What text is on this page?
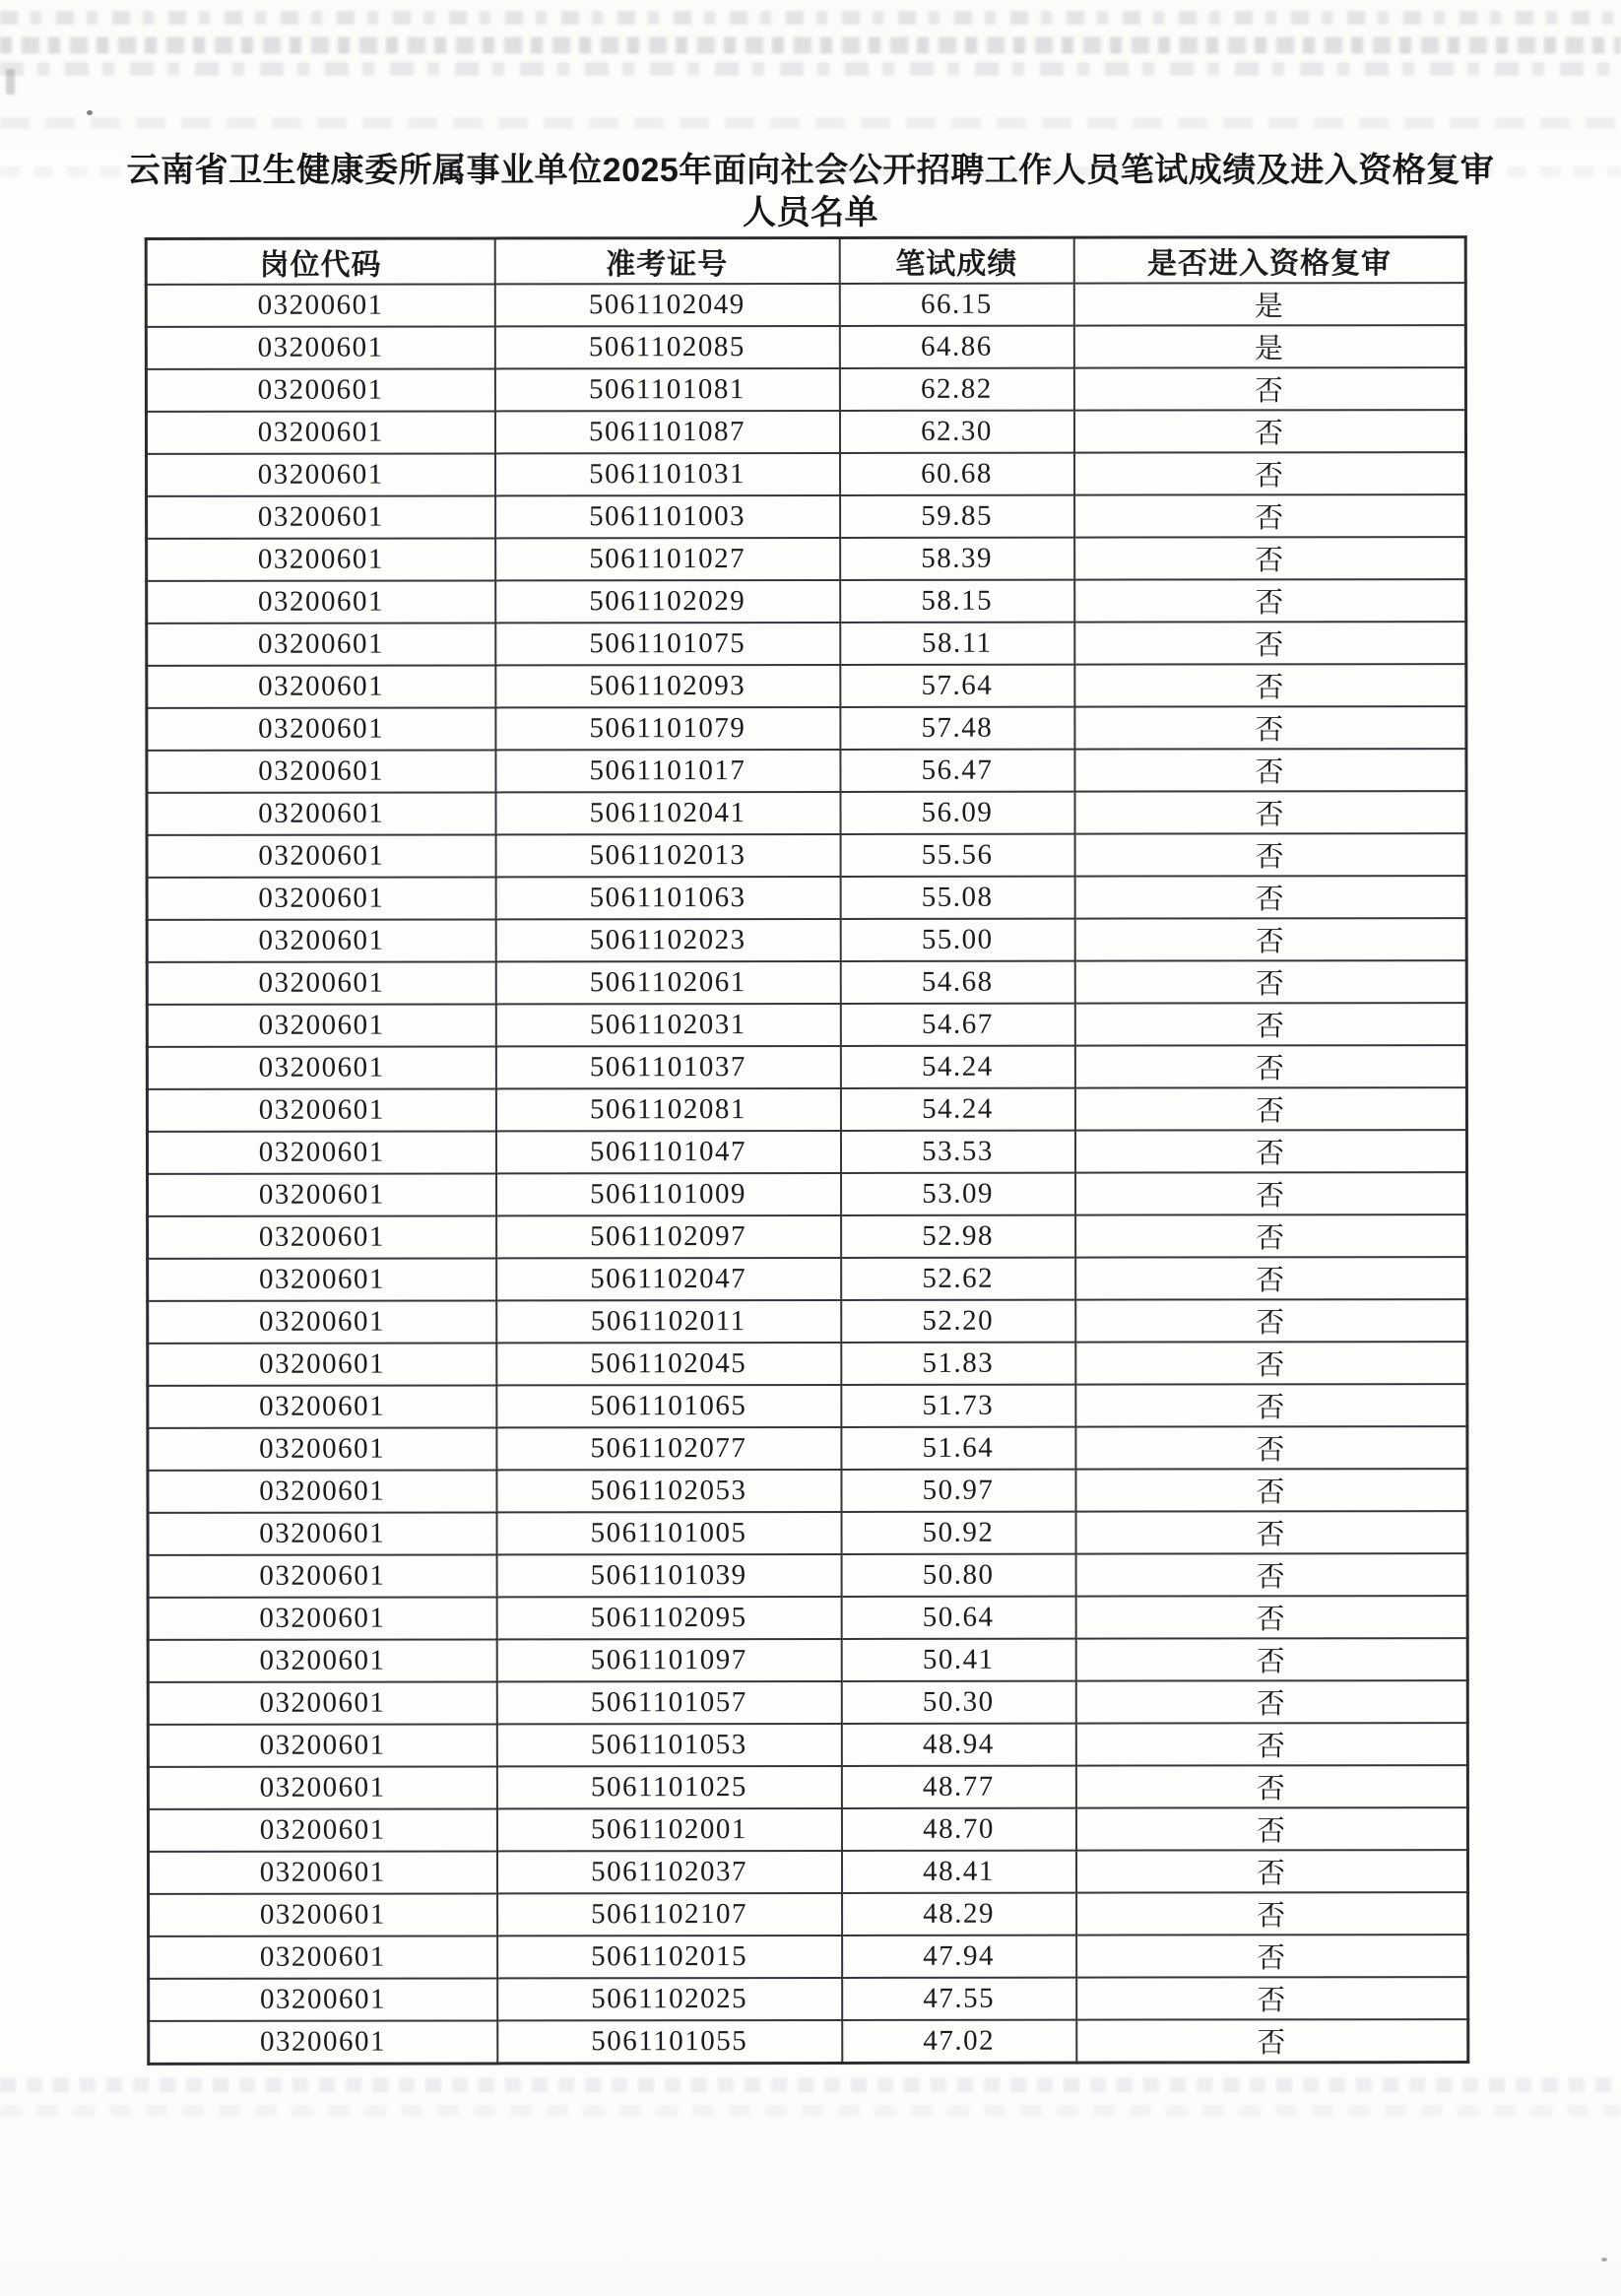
云南省卫生健康委所属事业单位2025年面向社会公开招聘工作人员笔试成绩及进入资格复审
人员名单
岗位代码	准考证号	笔试成绩	是否进入资格复审
03200601	5061102049	66.15	是
03200601	5061102085	64.86	是
03200601	5061101081	62.82	否
03200601	5061101087	62.30	否
03200601	5061101031	60.68	否
03200601	5061101003	59.85	否
03200601	5061101027	58.39	否
03200601	5061102029	58.15	否
03200601	5061101075	58.11	否
03200601	5061102093	57.64	否
03200601	5061101079	57.48	否
03200601	5061101017	56.47	否
03200601	5061102041	56.09	否
03200601	5061102013	55.56	否
03200601	5061101063	55.08	否
03200601	5061102023	55.00	否
03200601	5061102061	54.68	否
03200601	5061102031	54.67	否
03200601	5061101037	54.24	否
03200601	5061102081	54.24	否
03200601	5061101047	53.53	否
03200601	5061101009	53.09	否
03200601	5061102097	52.98	否
03200601	5061102047	52.62	否
03200601	5061102011	52.20	否
03200601	5061102045	51.83	否
03200601	5061101065	51.73	否
03200601	5061102077	51.64	否
03200601	5061102053	50.97	否
03200601	5061101005	50.92	否
03200601	5061101039	50.80	否
03200601	5061102095	50.64	否
03200601	5061101097	50.41	否
03200601	5061101057	50.30	否
03200601	5061101053	48.94	否
03200601	5061101025	48.77	否
03200601	5061102001	48.70	否
03200601	5061102037	48.41	否
03200601	5061102107	48.29	否
03200601	5061102015	47.94	否
03200601	5061102025	47.55	否
03200601	5061101055	47.02	否
